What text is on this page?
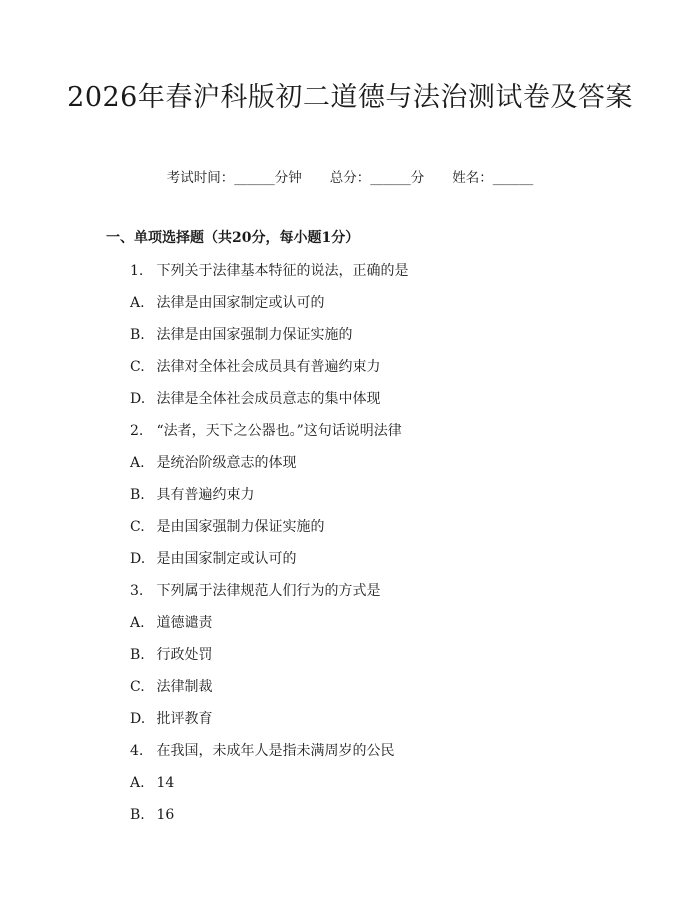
2026年春沪科版初二道德与法治测试卷及答案
考试时间：______分钟 总分：______分 姓名：______
一、单项选择题（共20分，每小题1分）
1. 下列关于法律基本特征的说法，正确的是
A. 法律是由国家制定或认可的
B. 法律是由国家强制力保证实施的
C. 法律对全体社会成员具有普遍约束力
D. 法律是全体社会成员意志的集中体现
2. “法者，天下之公器也。”这句话说明法律
A. 是统治阶级意志的体现
B. 具有普遍约束力
C. 是由国家强制力保证实施的
D. 是由国家制定或认可的
3. 下列属于法律规范人们行为的方式是
A. 道德谴责
B. 行政处罚
C. 法律制裁
D. 批评教育
4. 在我国，未成年人是指未满周岁的公民
A. 14
B. 16
